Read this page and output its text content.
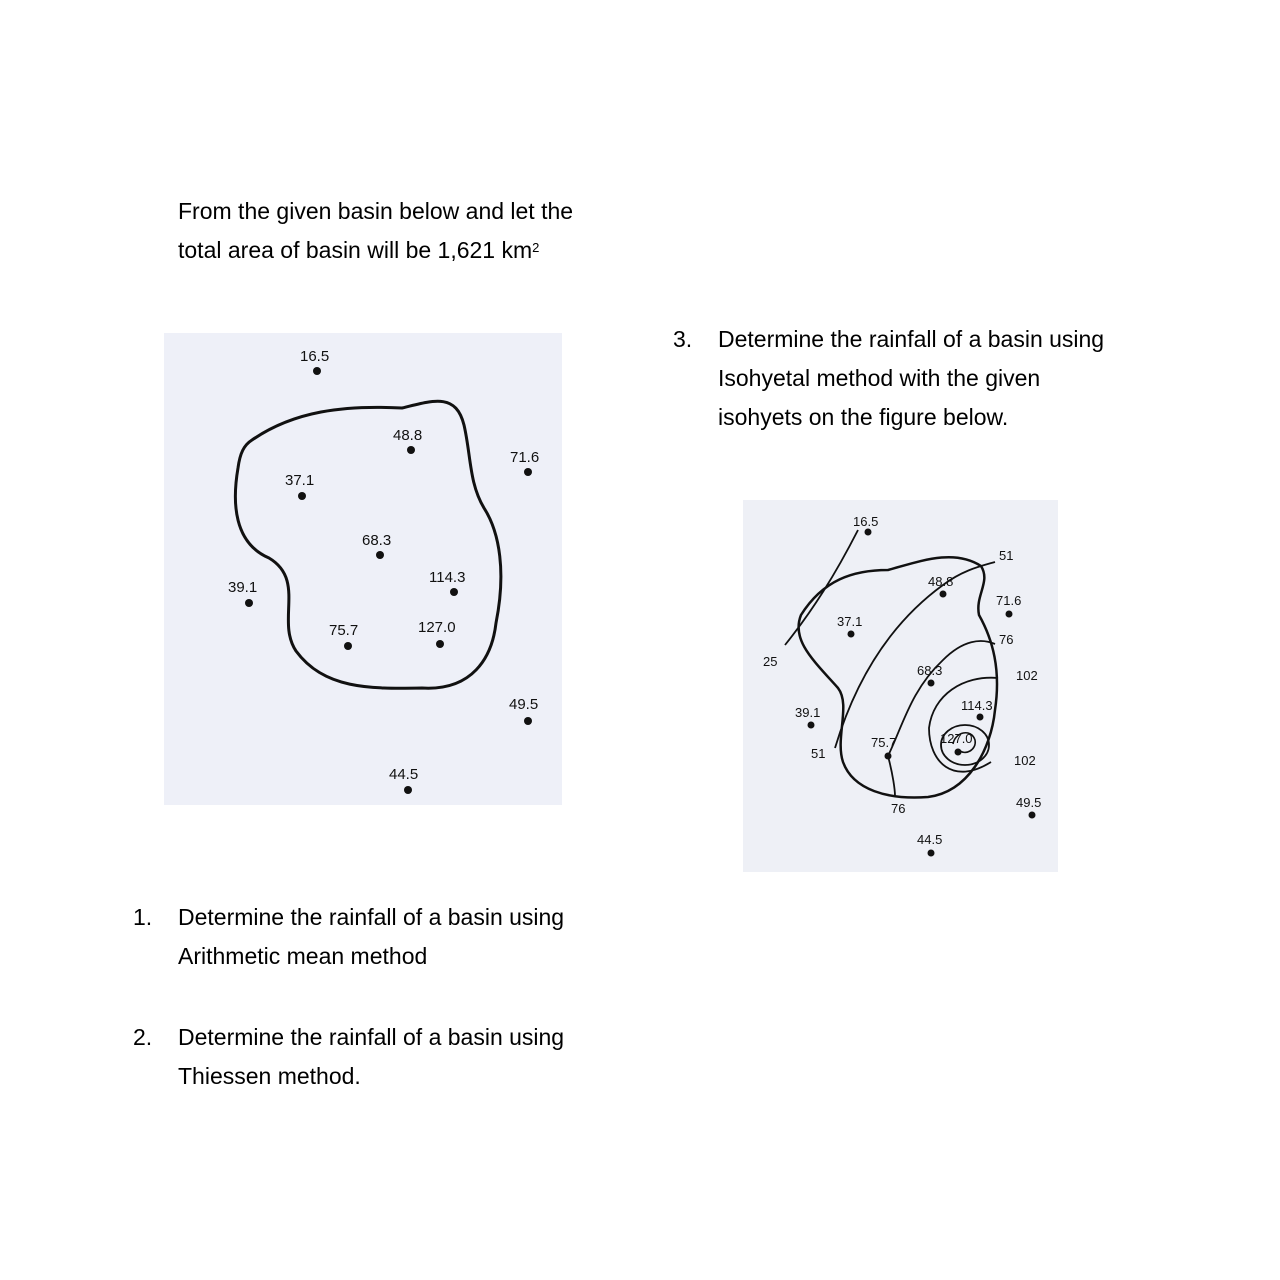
From the given basin below and let the
total area of basin will be 1,621 $km^2$
16.5
48.8
71.6
37.1
68.3
114.3
39.1
75.7	127.0
49.5
44.5
16.5
48.8
71.6
37.1
68.3
114.3
39.1
75.7	127.0
49.5
44.5
51
76
25
102
51	102
76
3. Determine the rainfall of a basin using
Isohyetal method with the given
isohyets on the figure below.
1. Determine the rainfall of a basin using
Arithmetic mean method
2. Determine the rainfall of a basin using
Thiessen method.
